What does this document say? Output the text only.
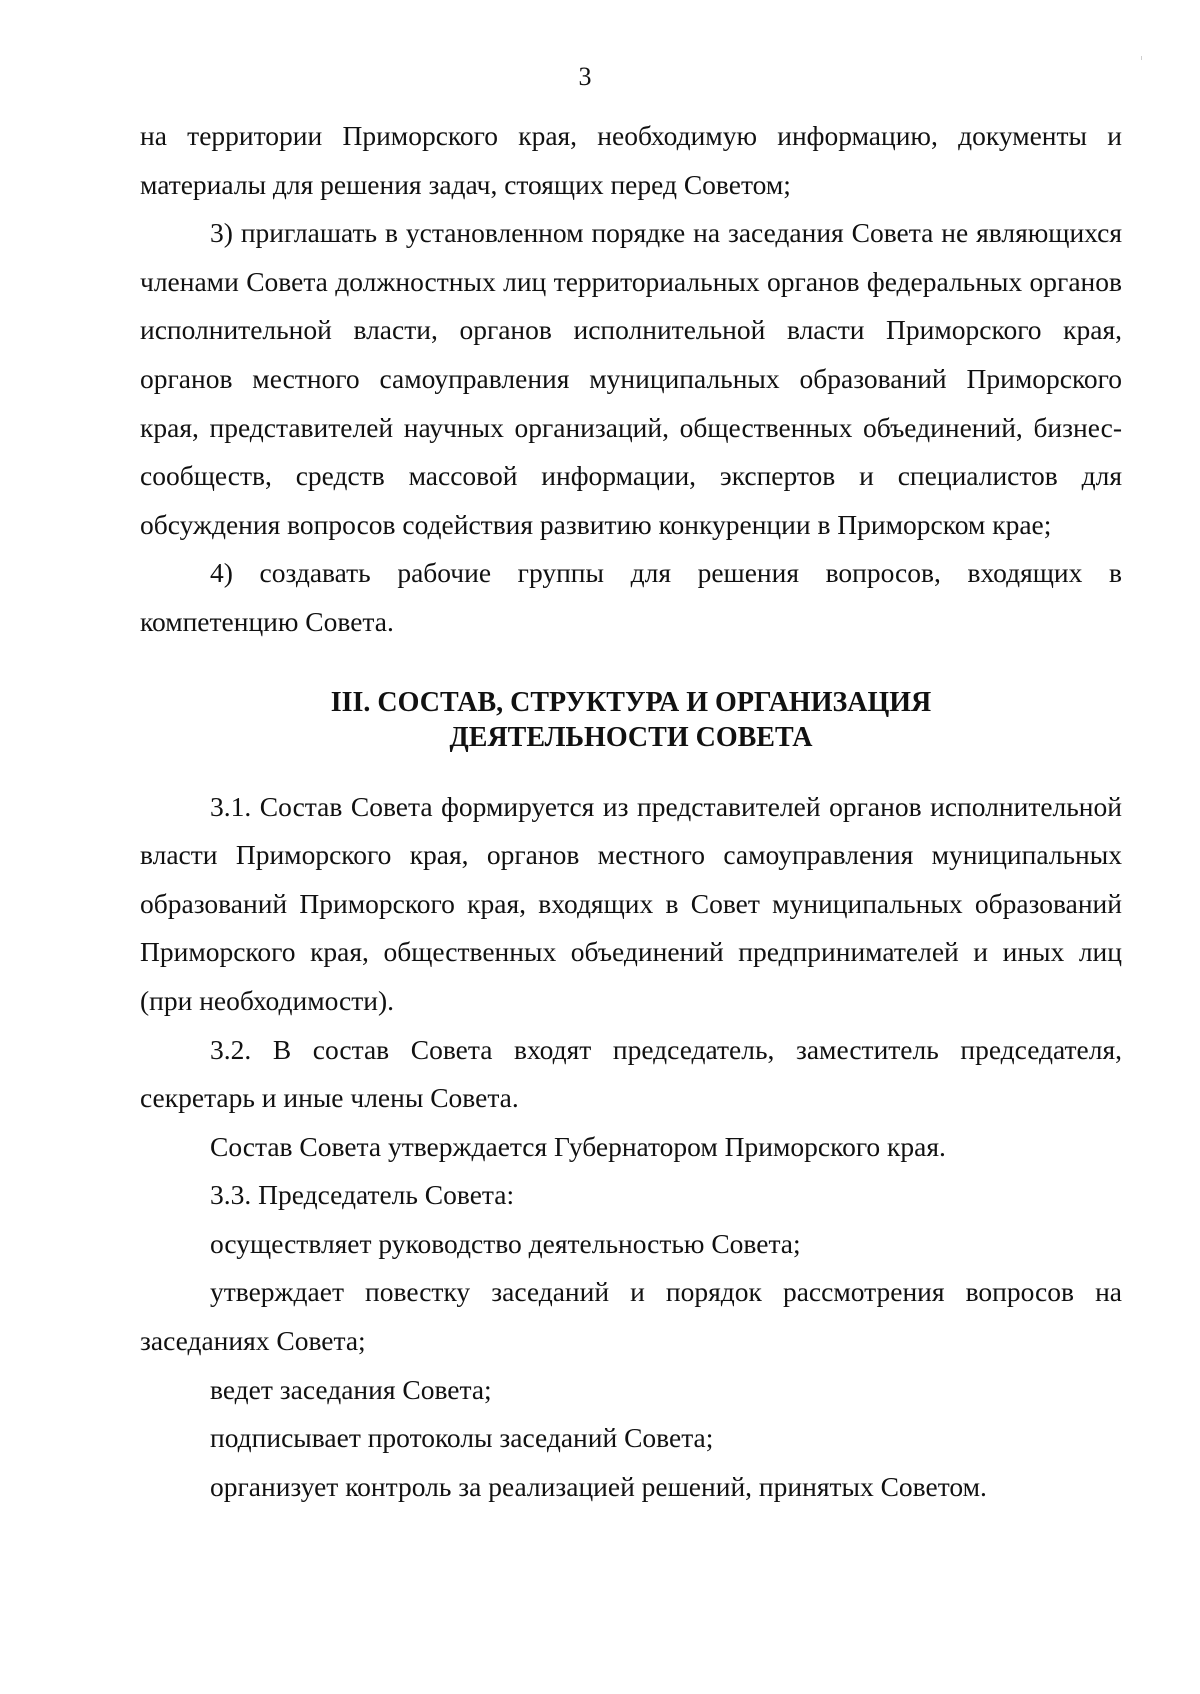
3

на территории Приморского края, необходимую информацию, документы и материалы для решения задач, стоящих перед Советом;

3) приглашать в установленном порядке на заседания Совета не являющихся членами Совета должностных лиц территориальных органов федеральных органов исполнительной власти, органов исполнительной власти Приморского края, органов местного самоуправления муниципальных образований Приморского края, представителей научных организаций, общественных объединений, бизнес-сообществ, средств массовой информации, экспертов и специалистов для обсуждения вопросов содействия развитию конкуренции в Приморском крае;

4) создавать рабочие группы для решения вопросов, входящих в компетенцию Совета.

III. СОСТАВ, СТРУКТУРА И ОРГАНИЗАЦИЯ
ДЕЯТЕЛЬНОСТИ СОВЕТА

3.1. Состав Совета формируется из представителей органов исполнительной власти Приморского края, органов местного самоуправления муниципальных образований Приморского края, входящих в Совет муниципальных образований Приморского края, общественных объединений предпринимателей и иных лиц (при необходимости).

3.2. В состав Совета входят председатель, заместитель председателя, секретарь и иные члены Совета.

Состав Совета утверждается Губернатором Приморского края.

3.3. Председатель Совета:

осуществляет руководство деятельностью Совета;

утверждает повестку заседаний и порядок рассмотрения вопросов на заседаниях Совета;

ведет заседания Совета;

подписывает протоколы заседаний Совета;

организует контроль за реализацией решений, принятых Советом.
